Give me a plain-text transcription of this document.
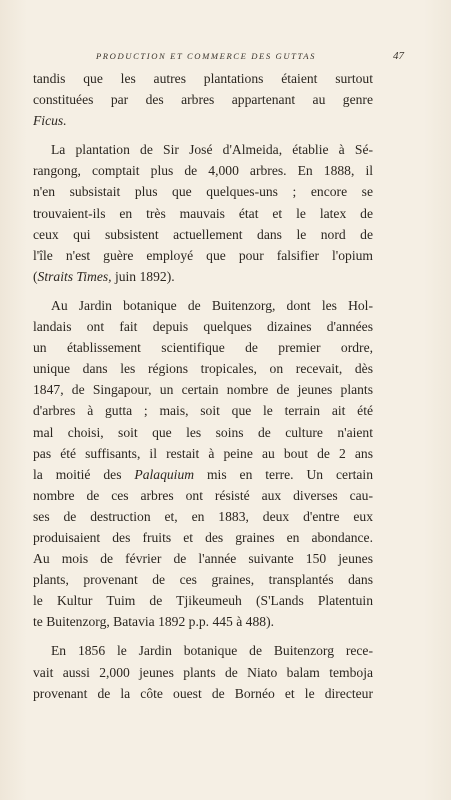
PRODUCTION ET COMMERCE DES GUTTAS	47
tandis que les autres plantations étaient surtout
constituées par des arbres appartenant au genre
Ficus.
La plantation de Sir José d'Almeida, établie à Sé-
rangong, comptait plus de 4,000 arbres. En 1888, il
n'en subsistait plus que quelques-uns ; encore se
trouvaient-ils en très mauvais état et le latex de
ceux qui subsistent actuellement dans le nord de
l'île n'est guère employé que pour falsifier l'opium
(Straits Times, juin 1892).
Au Jardin botanique de Buitenzorg, dont les Hol-
landais ont fait depuis quelques dizaines d'années
un établissement scientifique de premier ordre,
unique dans les régions tropicales, on recevait, dès
1847, de Singapour, un certain nombre de jeunes plants
d'arbres à gutta ; mais, soit que le terrain ait été
mal choisi, soit que les soins de culture n'aient
pas été suffisants, il restait à peine au bout de 2 ans
la moitié des Palaquium mis en terre. Un certain
nombre de ces arbres ont résisté aux diverses cau-
ses de destruction et, en 1883, deux d'entre eux
produisaient des fruits et des graines en abondance.
Au mois de février de l'année suivante 150 jeunes
plants, provenant de ces graines, transplantés dans
le Kultur Tuim de Tjikeumeuh (S'Lands Platentuin
te Buitenzorg, Batavia 1892 p.p. 445 à 488).
En 1856 le Jardin botanique de Buitenzorg rece-
vait aussi 2,000 jeunes plants de Niato balam temboja
provenant de la côte ouest de Bornéo et le directeur
